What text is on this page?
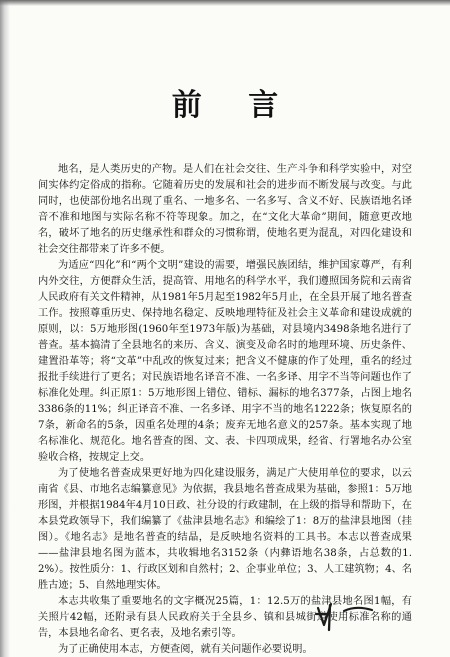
前 言

地名，是人类历史的产物。是人们在社会交往、生产斗争和科学实验中，对空间实体约定俗成的指称。它随着历史的发展和社会的进步而不断发展与改变。与此同时，也使部份地名出现了重名、一地多名、一名多写、含义不好、民族语地名译音不准和地图与实际名称不符等现象。加之，在“文化大革命”期间，随意更改地名，破坏了地名的历史继承性和群众的习惯称谓，使地名更为混乱，对四化建设和社会交往都带来了许多不便。

为适应“四化”和“两个文明”建设的需要，增强民族团结，维护国家尊严，有利内外交往，方便群众生活，提高管、用地名的科学水平，我们遵照国务院和云南省人民政府有关文件精神，从1981年5月起至1982年5月止，在全县开展了地名普查工作。按照尊重历史、保持地名稳定、反映地理特征及社会主义革命和建设成就的原则，以：5万地形图(1960年至1973年版)为基础，对县境内3498条地名进行了普查。基本搞清了全县地名的来历、含义、演变及命名时的地理环境、历史条件、建置沿革等；将“文革”中乱改的恢复过来；把含义不健康的作了处理，重名的经过报批手续进行了更名；对民族语地名译音不准、一名多译、用字不当等问题也作了标准化处理。纠正原1：5万地形图上错位、错标、漏标的地名377条，占图上地名3386条的11%；纠正译音不准、一名多译、用字不当的地名1222条；恢复原名的7条，新命名的5条，因重名处理的4条；废弃无地名意义的257条。基本实现了地名标准化、规范化。地名普查的图、文、表、卡四项成果，经省、行署地名办公室验收合格，按规定上交。

为了使地名普查成果更好地为四化建设服务，满足广大使用单位的要求，以云南省《县、市地名志编纂意见》为依据，我县地名普查成果为基础，参照1：5万地形图，并根据1984年4月10日政、社分设的行政建制，在上级的指导和帮助下，在本县党政领导下，我们编纂了《盐津县地名志》和编绘了1：8万的盐津县地图（挂图）。《地名志》是地名普查的结晶，是反映地名资料的工具书。本志以普查成果——盐津县地名图为蓝本，共收辑地名3152条（内彝语地名38条，占总数的1.2%）。按性质分：1、行政区划和自然村；2、企事业单位；3、人工建筑物；4、名胜古迹；5、自然地理实体。

本志共收集了重要地名的文字概况25篇，1：12.5万的盐津县地名图1幅，有关照片42幅，还附录有县人民政府关于全县乡、镇和县城街道使用标准名称的通告，本县地名命名、更名表，及地名索引等。

为了正确使用本志，方便查阅，就有关问题作必要说明。
